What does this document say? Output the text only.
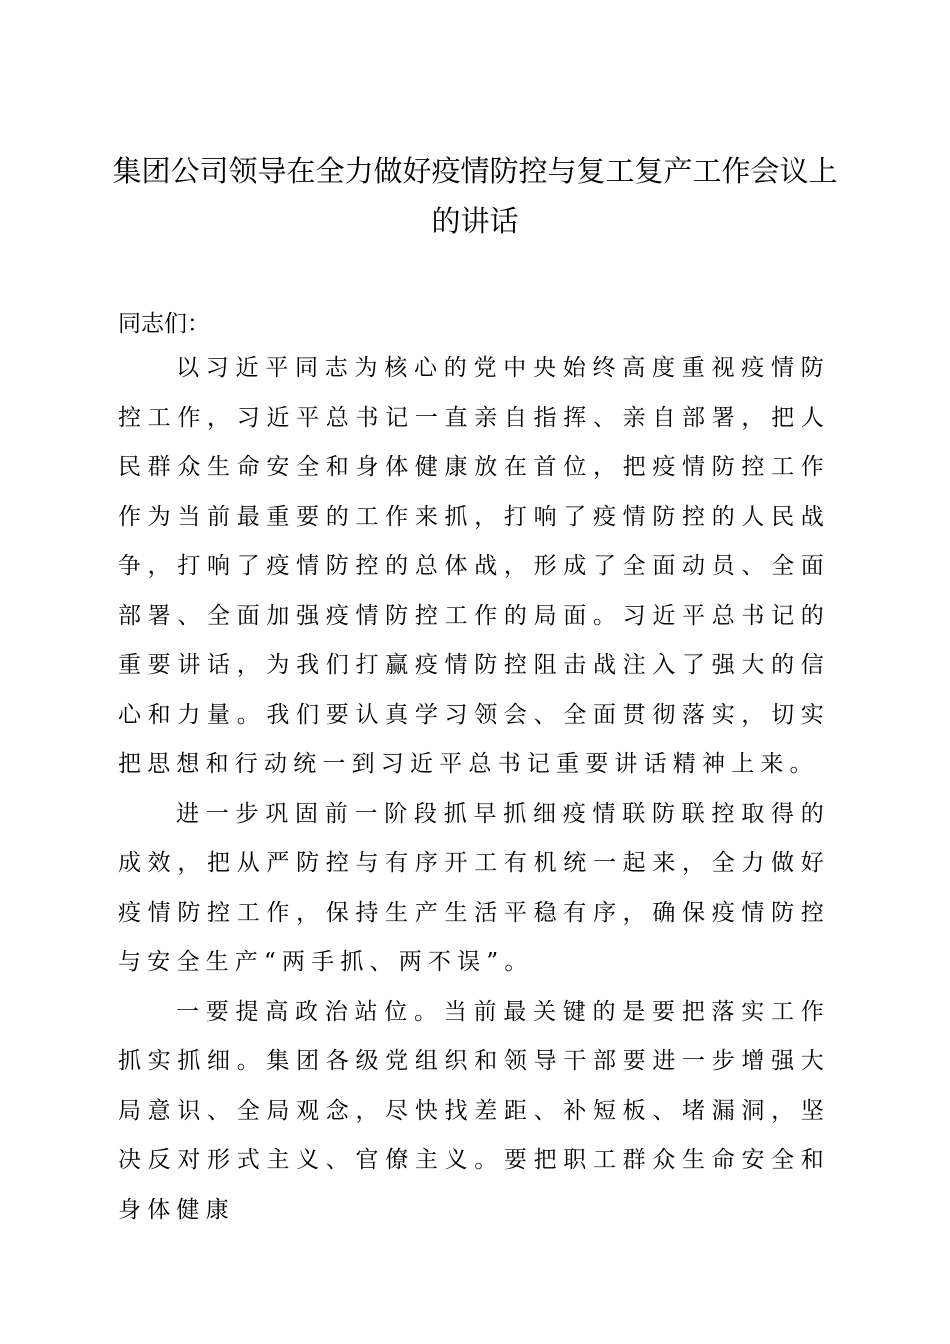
集团公司领导在全力做好疫情防控与复工复产工作会议上的讲话

同志们：

以习近平同志为核心的党中央始终高度重视疫情防控工作，习近平总书记一直亲自指挥、亲自部署，把人民群众生命安全和身体健康放在首位，把疫情防控工作作为当前最重要的工作来抓，打响了疫情防控的人民战争，打响了疫情防控的总体战，形成了全面动员、全面部署、全面加强疫情防控工作的局面。习近平总书记的重要讲话，为我们打赢疫情防控阻击战注入了强大的信心和力量。我们要认真学习领会、全面贯彻落实，切实把思想和行动统一到习近平总书记重要讲话精神上来。

进一步巩固前一阶段抓早抓细疫情联防联控取得的成效，把从严防控与有序开工有机统一起来，全力做好疫情防控工作，保持生产生活平稳有序，确保疫情防控与安全生产“两手抓、两不误”。

一要提高政治站位。当前最关键的是要把落实工作抓实抓细。集团各级党组织和领导干部要进一步增强大局意识、全局观念，尽快找差距、补短板、堵漏洞，坚决反对形式主义、官僚主义。要把职工群众生命安全和身体健康
